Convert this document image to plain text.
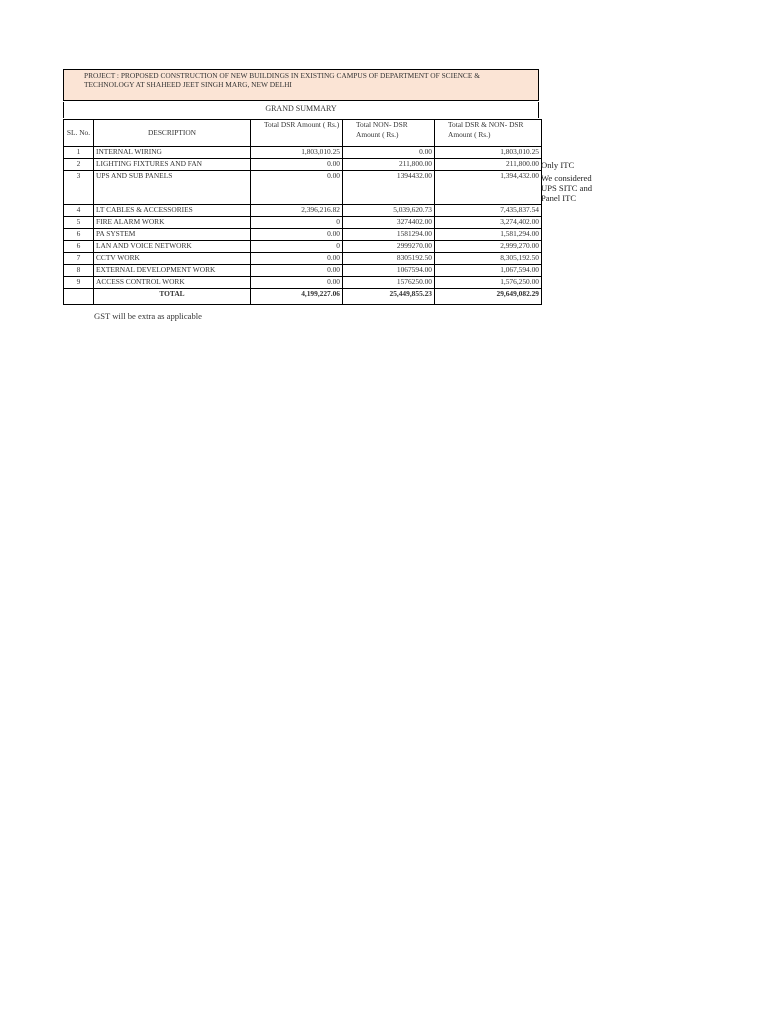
PROJECT : PROPOSED CONSTRUCTION OF NEW BUILDINGS IN EXISTING CAMPUS OF DEPARTMENT OF SCIENCE &
TECHNOLOGY AT SHAHEED JEET SINGH MARG, NEW DELHI
GRAND SUMMARY
SL. No.	DESCRIPTION	Total DSR Amount ( Rs.)	Total NON- DSR Amount ( Rs.)	Total DSR & NON- DSR Amount ( Rs.)
1	INTERNAL WIRING	1,803,010.25	0.00	1,803,010.25
2	LIGHTING FIXTURES AND FAN	0.00	211,800.00	211,800.00
3	UPS AND SUB PANELS	0.00	1394432.00	1,394,432.00
4	LT CABLES & ACCESSORIES	2,396,216.82	5,039,620.73	7,435,837.54
5	FIRE ALARM WORK	0	3274402.00	3,274,402.00
6	PA SYSTEM	0.00	1581294.00	1,581,294.00
6	LAN AND VOICE NETWORK	0	2999270.00	2,999,270.00
7	CCTV WORK	0.00	8305192.50	8,305,192.50
8	EXTERNAL DEVELOPMENT WORK	0.00	1067594.00	1,067,594.00
9	ACCESS CONTROL WORK	0.00	1576250.00	1,576,250.00
	TOTAL	4,199,227.06	25,449,855.23	29,649,082.29
Only ITC
We considered UPS SITC and Panel ITC
GST will be extra as applicable
